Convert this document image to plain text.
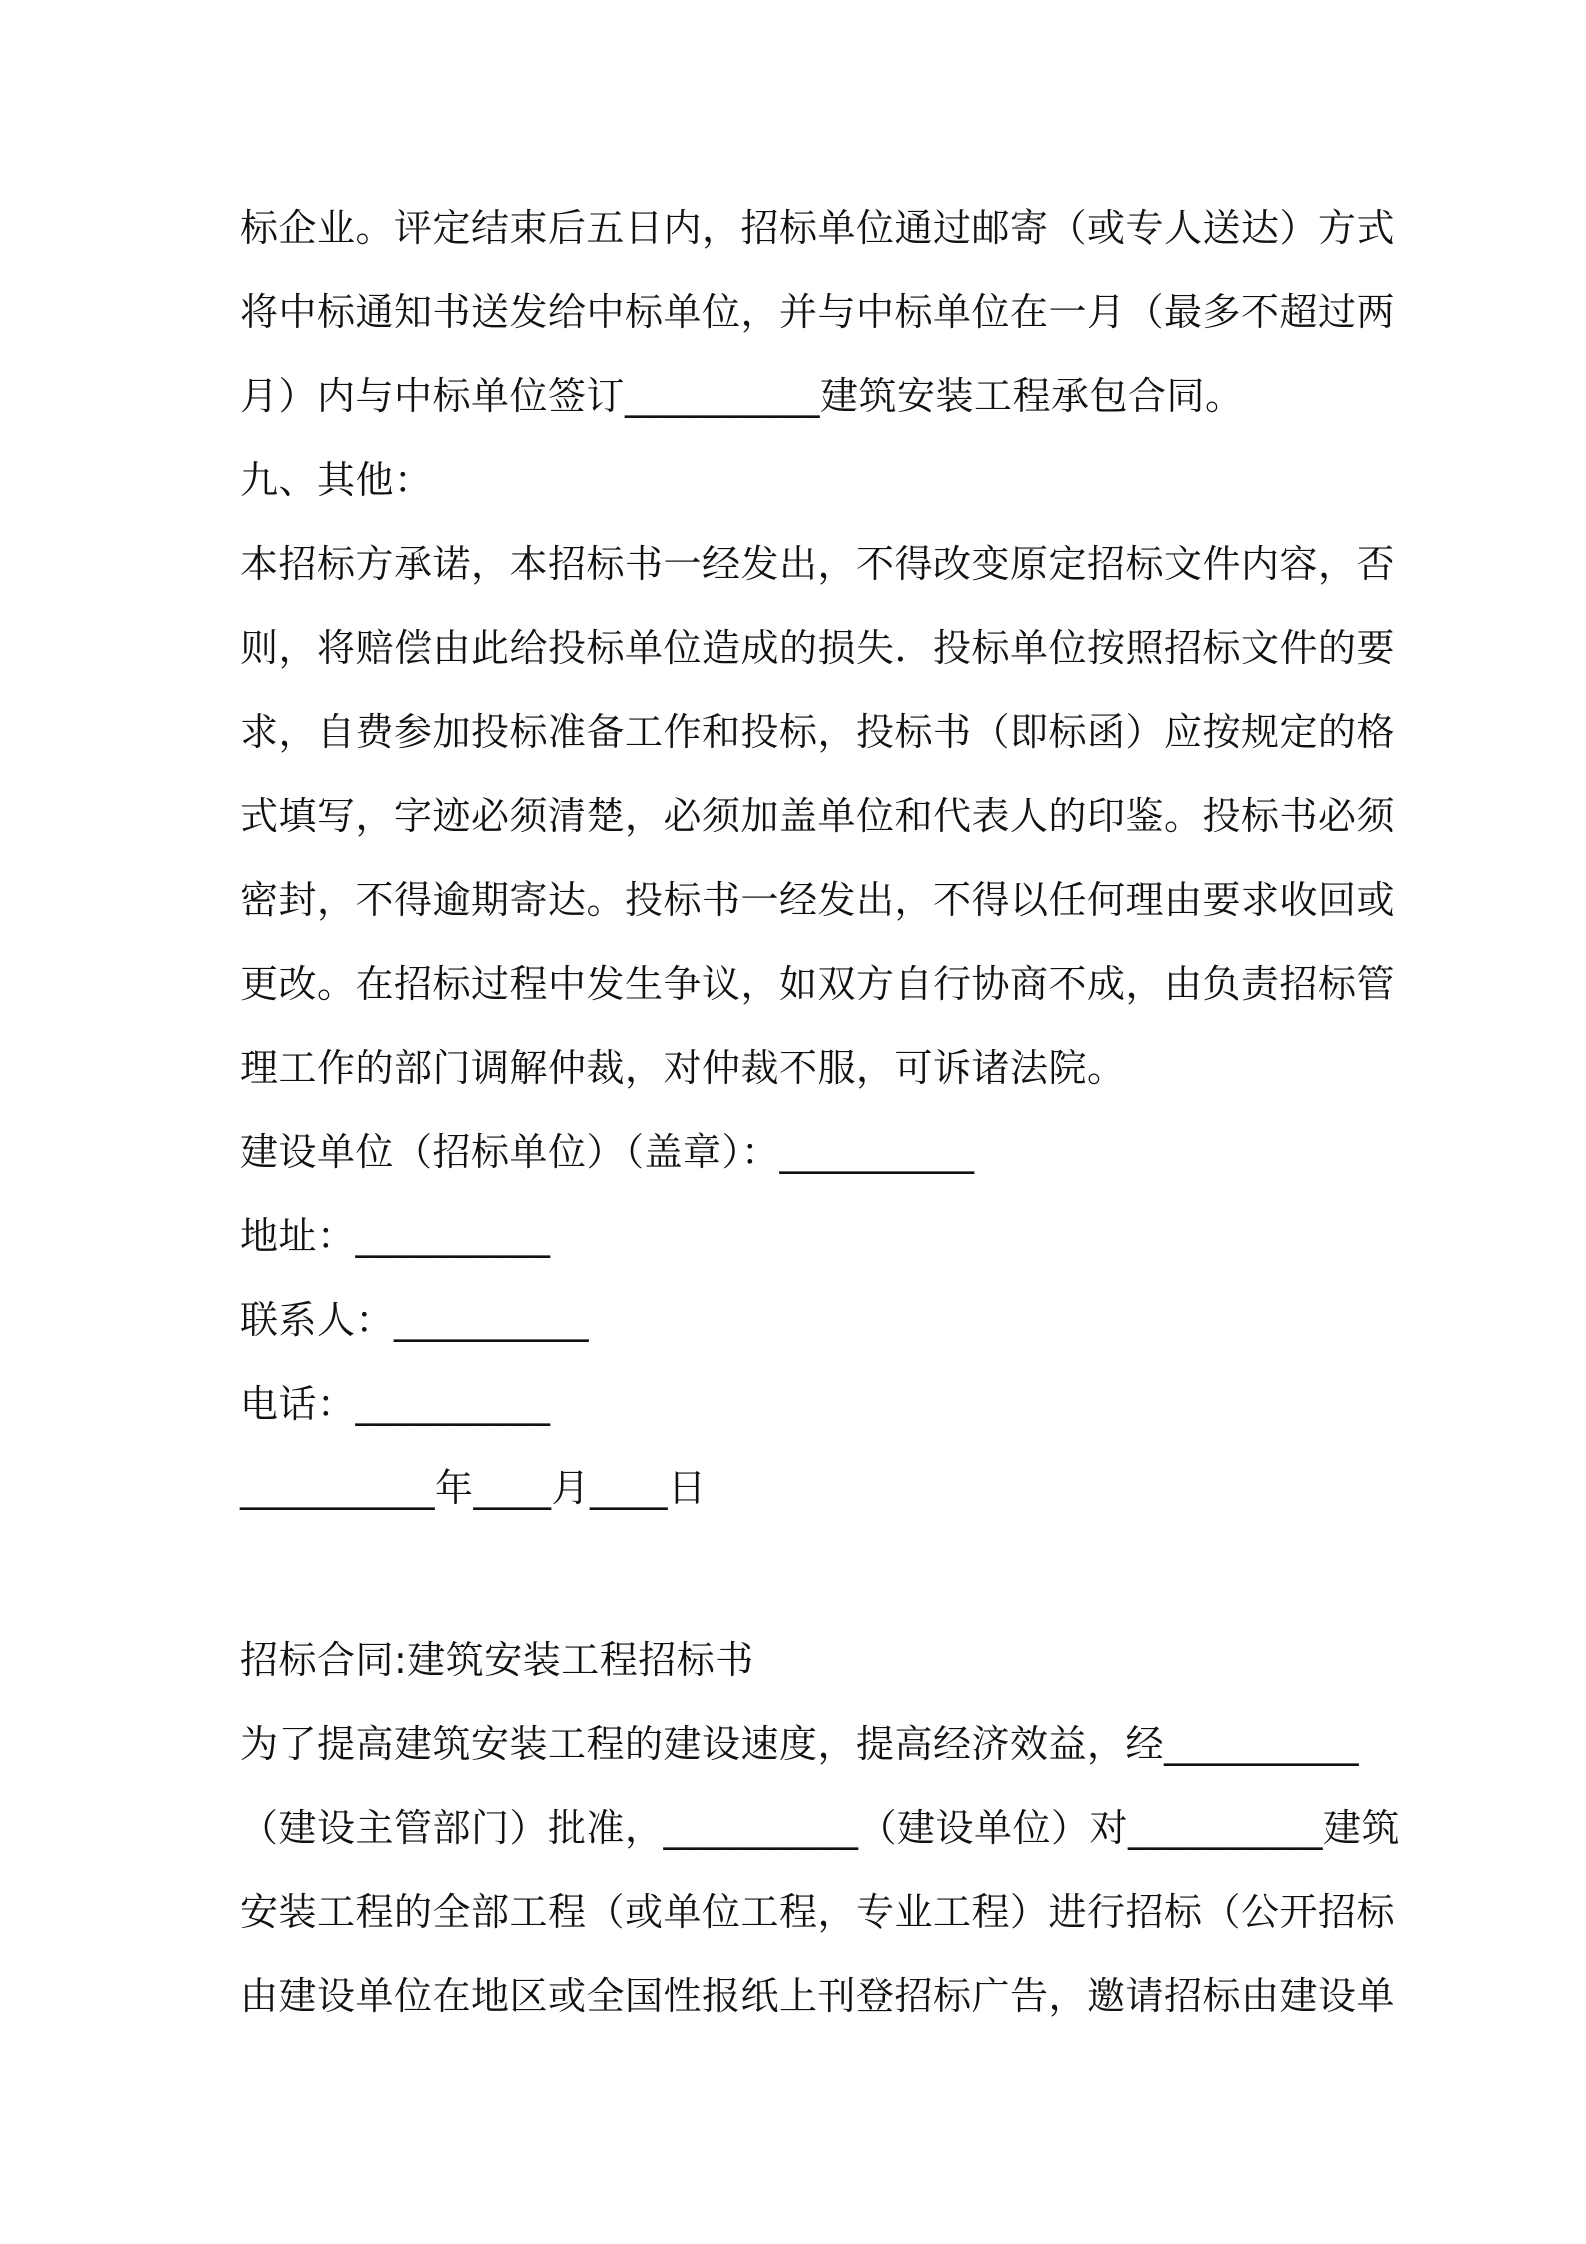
标企业。评定结束后五日内，招标单位通过邮寄（或专人送达）方式
将中标通知书送发给中标单位，并与中标单位在一月（最多不超过两
月）内与中标单位签订__________建筑安装工程承包合同。
九、其他：
本招标方承诺，本招标书一经发出，不得改变原定招标文件内容，否
则，将赔偿由此给投标单位造成的损失．投标单位按照招标文件的要
求，自费参加投标准备工作和投标，投标书（即标函）应按规定的格
式填写，字迹必须清楚，必须加盖单位和代表人的印鉴。投标书必须
密封，不得逾期寄达。投标书一经发出，不得以任何理由要求收回或
更改。在招标过程中发生争议，如双方自行协商不成，由负责招标管
理工作的部门调解仲裁，对仲裁不服，可诉诸法院。
建设单位（招标单位）（盖章）：__________
地址：__________
联系人：__________
电话：__________
__________年____月____日
招标合同:建筑安装工程招标书
为了提高建筑安装工程的建设速度，提高经济效益，经__________
（建设主管部门）批准，__________（建设单位）对__________建筑
安装工程的全部工程（或单位工程，专业工程）进行招标（公开招标
由建设单位在地区或全国性报纸上刊登招标广告，邀请招标由建设单
